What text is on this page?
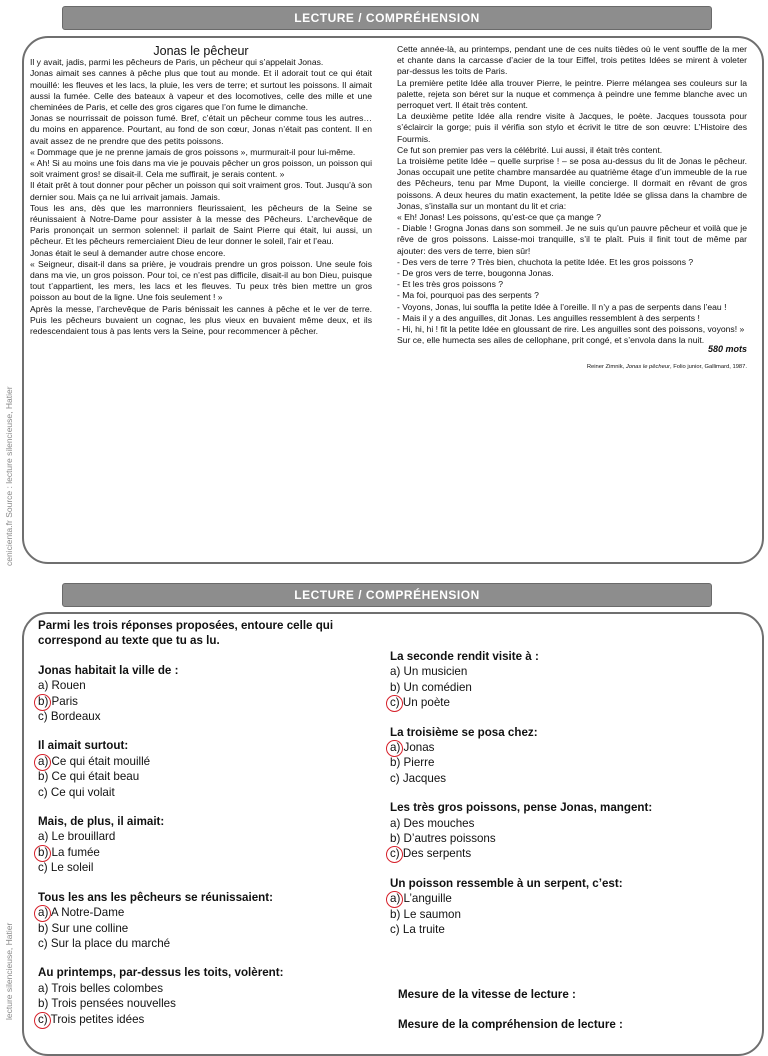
LECTURE / COMPRÉHENSION
cenicienta.fr Source : lecture silencieuse, Hatier

Jonas le pêcheur

Il y avait, jadis, parmi les pêcheurs de Paris, un pêcheur qui s’appelait Jonas.

Jonas aimait ses cannes à pêche plus que tout au monde. Et il adorait tout ce qui était mouillé: les fleuves et les lacs, la pluie, les vers de terre; et surtout les poissons. Il aimait aussi la fumée. Celle des bateaux à vapeur et des locomotives, celle des mille et une cheminées de Paris, et celle des gros cigares que l’on fume le dimanche.

Jonas se nourrissait de poisson fumé. Bref, c’était un pêcheur comme tous les autres… du moins en apparence. Pourtant, au fond de son cœur, Jonas n’était pas content. Il en avait assez de ne prendre que des petits poissons.

« Dommage que je ne prenne jamais de gros poissons », murmurait-il pour lui-même.

« Ah! Si au moins une fois dans ma vie je pouvais pêcher un gros poisson, un poisson qui soit vraiment gros! se disait-il. Cela me suffirait, je serais content. »

Il était prêt à tout donner pour pêcher un poisson qui soit vraiment gros. Tout. Jusqu’à son dernier sou. Mais ça ne lui arrivait jamais. Jamais.

Tous les ans, dès que les marronniers fleurissaient, les pêcheurs de la Seine se réunissaient à Notre-Dame pour assister à la messe des Pêcheurs. L’archevêque de Paris prononçait un sermon solennel: il parlait de Saint Pierre qui était, lui aussi, un pêcheur. Et les pêcheurs remerciaient Dieu de leur donner le soleil, l’air et l’eau.

Jonas était le seul à demander autre chose encore.

« Seigneur, disait-il dans sa prière, je voudrais prendre un gros poisson. Une seule fois dans ma vie, un gros poisson. Pour toi, ce n’est pas difficile, disait-il au bon Dieu, puisque tout t’appartient, les mers, les lacs et les fleuves. Tu peux très bien mettre un gros poisson au bout de la ligne. Une fois seulement ! »

Après la messe, l’archevêque de Paris bénissait les cannes à pêche et le ver de terre. Puis les pêcheurs buvaient un cognac, les plus vieux en buvaient même deux, et ils redescendaient tous à pas lents vers la Seine, pour recommencer à pêcher.

Cette année-là, au printemps, pendant une de ces nuits tièdes où le vent souffle de la mer et chante dans la carcasse d’acier de la tour Eiffel, trois petites Idées se mirent à voleter par-dessus les toits de Paris.

La première petite Idée alla trouver Pierre, le peintre. Pierre mélangea ses couleurs sur la palette, rejeta son béret sur la nuque et commença à peindre une femme blanche avec un perroquet vert. Il était très content.

La deuxième petite Idée alla rendre visite à Jacques, le poète. Jacques toussota pour s’éclaircir la gorge; puis il vérifia son stylo et écrivit le titre de son œuvre: L’Histoire des Fourmis.

Ce fut son premier pas vers la célébrité. Lui aussi, il était très content.

La troisième petite Idée – quelle surprise ! – se posa au-dessus du lit de Jonas le pêcheur. Jonas occupait une petite chambre mansardée au quatrième étage d’un immeuble de la rue des Pêcheurs, tenu par Mme Dupont, la vieille concierge. Il dormait en rêvant de gros poissons. A deux heures du matin exactement, la petite Idée se glissa dans la chambre de Jonas, s’installa sur un montant du lit et cria:

« Eh! Jonas! Les poissons, qu’est-ce que ça mange ?

- Diable ! Grogna Jonas dans son sommeil. Je ne suis qu’un pauvre pêcheur et voilà que je rêve de gros poissons. Laisse-moi tranquille, s’il te plaît. Puis il finit tout de même par ajouter: des vers de terre, bien sûr!

- Des vers de terre ? Très bien, chuchota la petite Idée. Et les gros poissons ?

- De gros vers de terre, bougonna Jonas.

- Et les très gros poissons ?

- Ma foi, pourquoi pas des serpents ?

- Voyons, Jonas, lui souffla la petite Idée à l’oreille. Il n’y a pas de serpents dans l’eau !

- Mais il y a des anguilles, dit Jonas. Les anguilles ressemblent à des serpents !

- Hi, hi, hi ! fit la petite Idée en gloussant de rire. Les anguilles sont des poissons, voyons! »

Sur ce, elle humecta ses ailes de cellophane, prit congé, et s’envola dans la nuit.

580 mots
Reiner Zimnik, Jonas le pêcheur, Folio junior, Gallimard, 1987.
LECTURE / COMPRÉHENSION
lecture silencieuse, Hatier

Parmi les trois réponses proposées, entoure celle qui correspond au texte que tu as lu.

Jonas habitait la ville de :

a) Rouen
b) Paris
c) Bordeaux

Il aimait surtout:

a) Ce qui était mouillé
b) Ce qui était beau
c) Ce qui volait

Mais, de plus, il aimait:

a) Le brouillard
b) La fumée
c) Le soleil

Tous les ans les pêcheurs se réunissaient:

a) A Notre-Dame
b) Sur une colline
c) Sur la place du marché

Au printemps, par-dessus les toits, volèrent:

a) Trois belles colombes
b) Trois pensées nouvelles
c) Trois petites idées

La seconde rendit visite à :

a) Un musicien
b) Un comédien
c) Un poète

La troisième se posa chez:

a) Jonas
b) Pierre
c) Jacques

Les très gros poissons, pense Jonas, mangent:

a) Des mouches
b) D’autres poissons
c) Des serpents

Un poisson ressemble à un serpent, c’est:

a) L’anguille
b) Le saumon
c) La truite
Mesure de la vitesse de lecture :
Mesure de la compréhension de lecture :
